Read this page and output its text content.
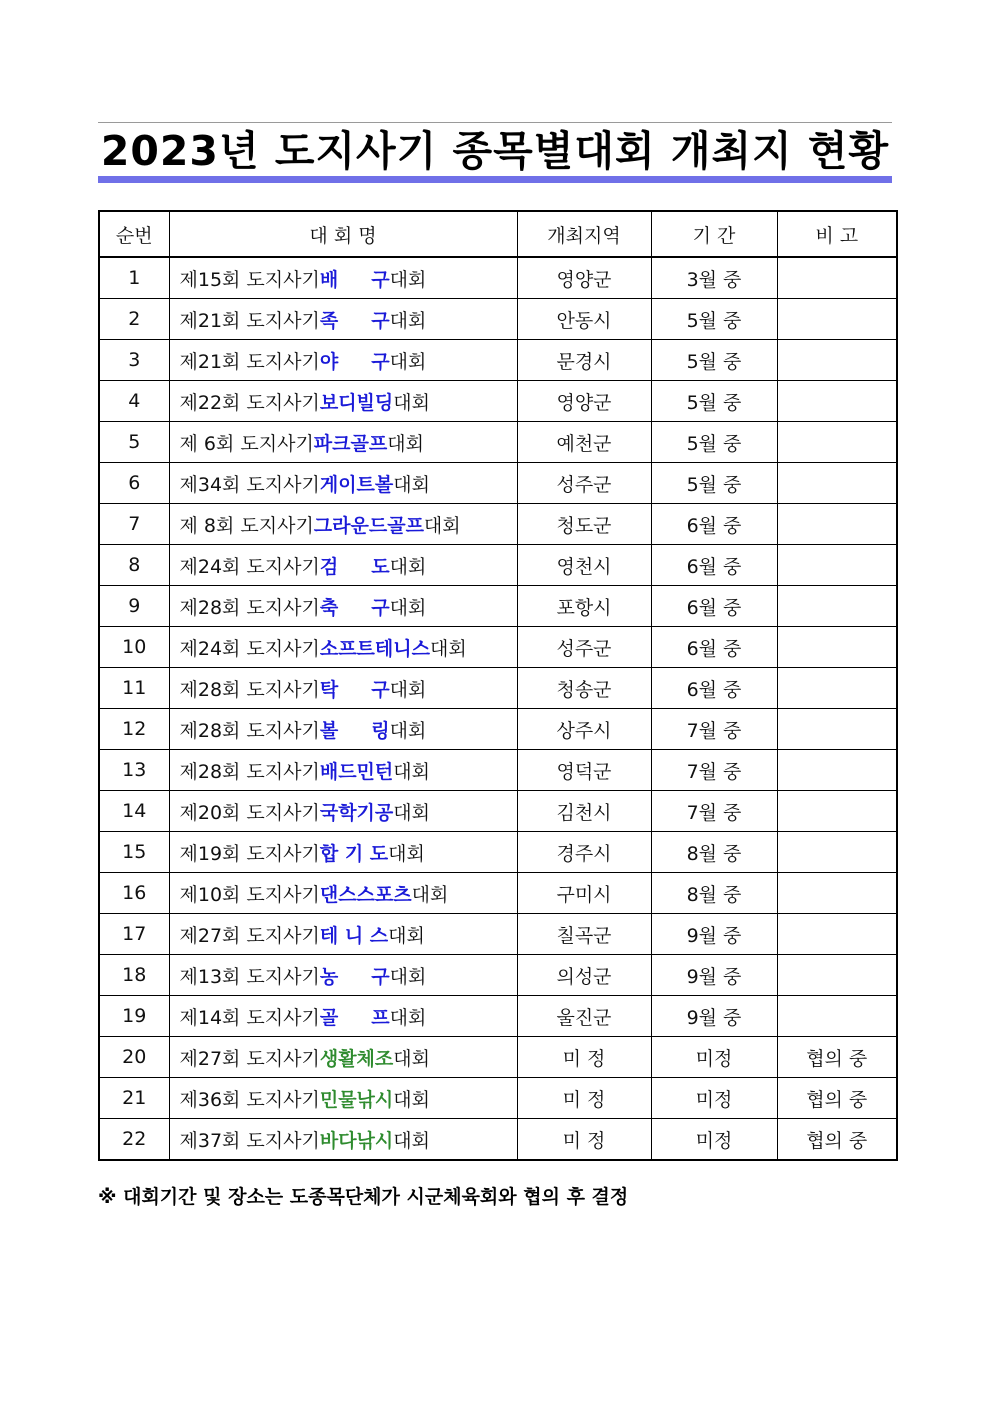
2023년 도지사기 종목별대회 개최지 현황
순번	대 회 명	개최지역	기 간	비 고
1	제15회 도지사기배     구대회	영양군	3월 중	
2	제21회 도지사기족     구대회	안동시	5월 중	
3	제21회 도지사기야     구대회	문경시	5월 중	
4	제22회 도지사기보디빌딩대회	영양군	5월 중	
5	제 6회 도지사기파크골프대회	예천군	5월 중	
6	제34회 도지사기게이트볼대회	성주군	5월 중	
7	제 8회 도지사기그라운드골프대회	청도군	6월 중	
8	제24회 도지사기검     도대회	영천시	6월 중	
9	제28회 도지사기축     구대회	포항시	6월 중	
10	제24회 도지사기소프트테니스대회	성주군	6월 중	
11	제28회 도지사기탁     구대회	청송군	6월 중	
12	제28회 도지사기볼     링대회	상주시	7월 중	
13	제28회 도지사기배드민턴대회	영덕군	7월 중	
14	제20회 도지사기국학기공대회	김천시	7월 중	
15	제19회 도지사기합 기 도대회	경주시	8월 중	
16	제10회 도지사기댄스스포츠대회	구미시	8월 중	
17	제27회 도지사기테 니 스대회	칠곡군	9월 중	
18	제13회 도지사기농     구대회	의성군	9월 중	
19	제14회 도지사기골     프대회	울진군	9월 중	
20	제27회 도지사기생활체조대회	미 정	미정	협의 중
21	제36회 도지사기민물낚시대회	미 정	미정	협의 중
22	제37회 도지사기바다낚시대회	미 정	미정	협의 중
※ 대회기간 및 장소는 도종목단체가 시군체육회와 협의 후 결정
